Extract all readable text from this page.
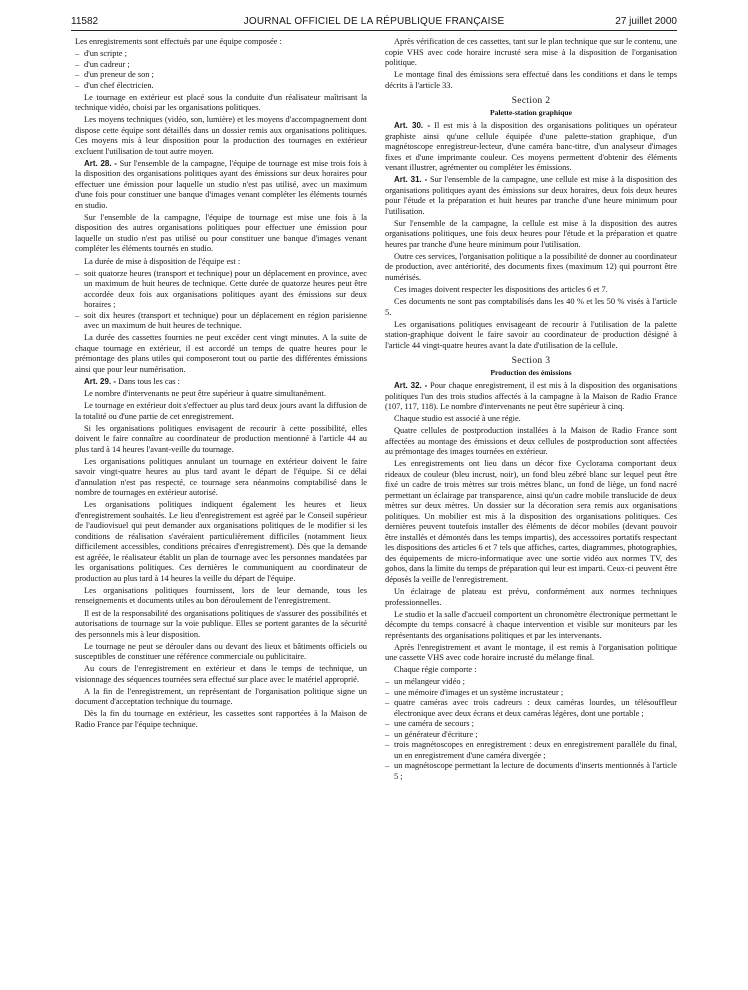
11582	JOURNAL OFFICIEL DE LA RÉPUBLIQUE FRANÇAISE	27 juillet 2000

Les enregistrements sont effectués par une équipe composée :

– d'un scripte ;
– d'un cadreur ;
– d'un preneur de son ;
– d'un chef électricien.

Le tournage en extérieur est placé sous la conduite d'un réalisateur maîtrisant la technique vidéo, choisi par les organisations politiques.

Les moyens techniques (vidéo, son, lumière) et les moyens d'accompagnement dont dispose cette équipe sont détaillés dans un dossier remis aux organisations politiques. Ces moyens mis à leur disposition pour la production des tournages en extérieur excluent l'utilisation de tout autre moyen.

Art. 28. - Sur l'ensemble de la campagne, l'équipe de tournage est mise trois fois à la disposition des organisations politiques ayant des émissions sur deux horaires pour effectuer une émission pour laquelle un studio n'est pas utilisé, avec un maximum d'une fois pour constituer une banque d'images venant compléter les éléments tournés en studio.

Sur l'ensemble de la campagne, l'équipe de tournage est mise une fois à la disposition des autres organisations politiques pour effectuer une émission pour laquelle un studio n'est pas utilisé ou pour constituer une banque d'images venant compléter les éléments tournés en studio.

La durée de mise à disposition de l'équipe est :

– soit quatorze heures (transport et technique) pour un déplacement en province, avec un maximum de huit heures de technique. Cette durée de quatorze heures peut être accordée deux fois aux organisations politiques ayant des émissions sur deux horaires ;
– soit dix heures (transport et technique) pour un déplacement en région parisienne avec un maximum de huit heures de technique.

La durée des cassettes fournies ne peut excéder cent vingt minutes. A la suite de chaque tournage en extérieur, il est accordé un temps de quatre heures pour le prémontage des plans utiles qui composeront tout ou partie des différentes émissions ainsi que pour leur numérisation.

Art. 29. - Dans tous les cas :

Le nombre d'intervenants ne peut être supérieur à quatre simultanément.

Le tournage en extérieur doit s'effectuer au plus tard deux jours avant la diffusion de la totalité ou d'une partie de cet enregistrement.

Si les organisations politiques envisagent de recourir à cette possibilité, elles doivent le faire connaître au coordinateur de production mentionné à l'article 44 au plus tard à 14 heures l'avant-veille du tournage.

Les organisations politiques annulant un tournage en extérieur doivent le faire savoir vingt-quatre heures au plus tard avant le départ de l'équipe. Si ce délai d'annulation n'est pas respecté, ce tournage sera néanmoins comptabilisé dans le nombre de tournages en extérieur autorisé.

Les organisations politiques indiquent également les heures et lieux d'enregistrement souhaités. Le lieu d'enregistrement est agréé par le Conseil supérieur de l'audiovisuel qui peut demander aux organisations politiques de le modifier si les conditions de réalisation s'avéraient particulièrement difficiles (notamment lieux difficilement accessibles, conditions précaires d'enregistrement). Dès que la demande est agréée, le réalisateur établit un plan de tournage avec les personnes mandatées par les organisations politiques. Ces dernières le communiquent au coordinateur de production au plus tard à 14 heures la veille du départ de l'équipe.

Les organisations politiques fournissent, lors de leur demande, tous les renseignements et documents utiles au bon déroulement de l'enregistrement.

Il est de la responsabilité des organisations politiques de s'assurer des possibilités et autorisations de tournage sur la voie publique. Elles se portent garantes de la sécurité des personnels mis à leur disposition.

Le tournage ne peut se dérouler dans ou devant des lieux et bâtiments officiels ou susceptibles de constituer une référence commerciale ou publicitaire.

Au cours de l'enregistrement en extérieur et dans le temps de technique, un visionnage des séquences tournées sera effectué sur place avec le matériel approprié.

A la fin de l'enregistrement, un représentant de l'organisation politique signe un document d'acceptation technique du tournage.

Dès la fin du tournage en extérieur, les cassettes sont rapportées à la Maison de Radio France par l'équipe technique.

Après vérification de ces cassettes, tant sur le plan technique que sur le contenu, une copie VHS avec code horaire incrusté sera mise à la disposition de l'organisation politique.

Le montage final des émissions sera effectué dans les conditions et dans le temps décrits à l'article 33.

Section 2
Palette-station graphique

Art. 30. - Il est mis à la disposition des organisations politiques un opérateur graphiste ainsi qu'une cellule équipée d'une palette-station graphique, d'un magnétoscope enregistreur-lecteur, d'une caméra banc-titre, d'un analyseur d'images fixes et d'une imprimante couleur. Ces moyens permettent d'obtenir des éléments venant illustrer, agrémenter ou compléter les émissions.

Art. 31. - Sur l'ensemble de la campagne, une cellule est mise à la disposition des organisations politiques ayant des émissions sur deux horaires, deux fois deux heures pour l'étude et la préparation et huit heures par tranche d'une heure minimum pour l'utilisation.

Sur l'ensemble de la campagne, la cellule est mise à la disposition des autres organisations politiques, une fois deux heures pour l'étude et la préparation et quatre heures par tranche d'une heure minimum pour l'utilisation.

Outre ces services, l'organisation politique a la possibilité de donner au coordinateur de production, avec antériorité, des documents fixes (maximum 12) qui pourront être numérisés.

Ces images doivent respecter les dispositions des articles 6 et 7.

Ces documents ne sont pas comptabilisés dans les 40 % et les 50 % visés à l'article 5.

Les organisations politiques envisageant de recourir à l'utilisation de la palette station-graphique doivent le faire savoir au coordinateur de production désigné à l'article 44 vingt-quatre heures avant la date d'utilisation de la cellule.

Section 3
Production des émissions

Art. 32. - Pour chaque enregistrement, il est mis à la disposition des organisations politiques l'un des trois studios affectés à la campagne à la Maison de Radio France (107, 117, 118). Le nombre d'intervenants ne peut être supérieur à cinq.

Chaque studio est associé à une régie.

Quatre cellules de postproduction installées à la Maison de Radio France sont affectées au montage des émissions et deux cellules de postproduction sont affectées au prémontage des images tournées en extérieur.

Les enregistrements ont lieu dans un décor fixe Cyclorama comportant deux rideaux de couleur (bleu incrust, noir), un fond bleu zébré blanc sur lequel peut être fixé un cadre de trois mètres sur trois mètres blanc, un fond de liège, un fond nacré permettant un éclairage par transparence, ainsi qu'un cadre mobile translucide de deux mètres sur deux mètres. Un dossier sur la décoration sera remis aux organisations politiques. Un mobilier est mis à la disposition des organisations politiques. Ces dernières peuvent toutefois installer des éléments de décor mobiles (devant pouvoir être installés et démontés dans les temps impartis), des accessoires portatifs respectant les dispositions des articles 6 et 7 tels que affiches, cartes, diagrammes, photographies, des équipements de micro-informatique avec une sortie vidéo aux normes TV, des gobos, dans la limite du temps de préparation qui leur est imparti. Ceux-ci peuvent être déposés la veille de l'enregistrement.

Un éclairage de plateau est prévu, conformément aux normes techniques professionnelles.

Le studio et la salle d'accueil comportent un chronomètre électronique permettant le décompte du temps consacré à chaque intervention et visible sur moniteurs par les représentants des organisations politiques et par les intervenants.

Après l'enregistrement et avant le montage, il est remis à l'organisation politique une cassette VHS avec code horaire incrusté du mélange final.

Chaque régie comporte :

– un mélangeur vidéo ;
– une mémoire d'images et un système incrustateur ;
– quatre caméras avec trois cadreurs : deux caméras lourdes, un télésouffleur électronique avec deux écrans et deux caméras légères, dont une portable ;
– une caméra de secours ;
– un générateur d'écriture ;
– trois magnétoscopes en enregistrement : deux en enregistrement parallèle du final, un en enregistrement d'une caméra divergée ;
– un magnétoscope permettant la lecture de documents d'inserts mentionnés à l'article 5 ;
